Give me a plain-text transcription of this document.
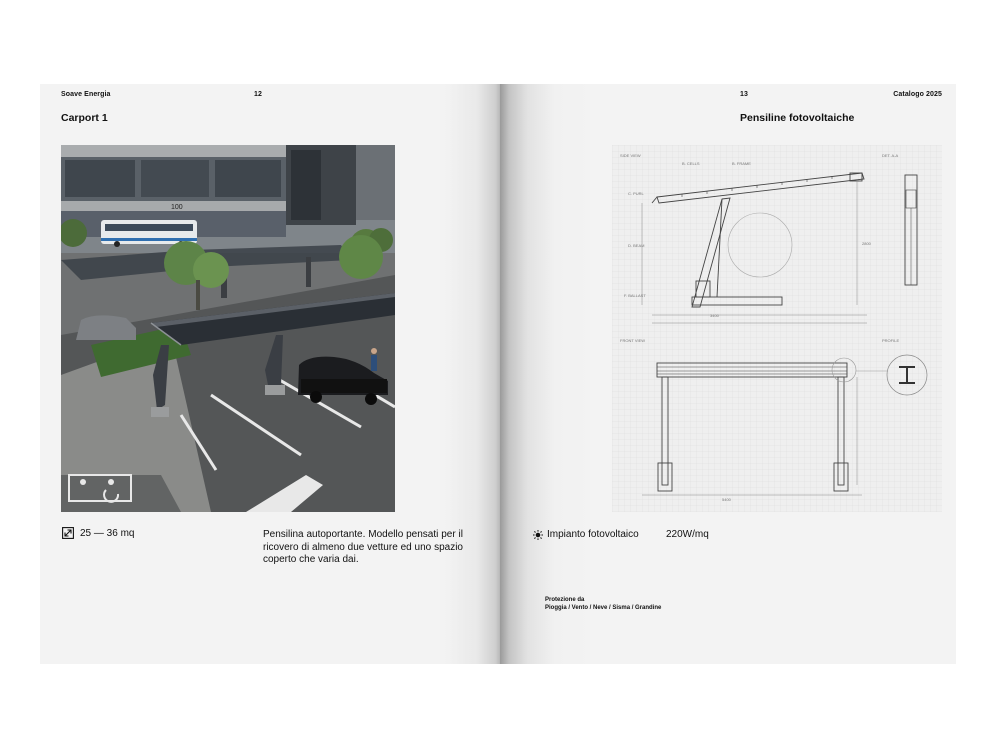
Soave Energia	12
Carport 1
100
25 — 36 mq	Pensilina autoportante. Modello pensati per il ricovero di almeno due vetture ed uno spazio coperto che varia dai.
13	Catalogo 2025
Pensiline fotovoltaiche
SIDE VIEW	DET. A-A
FRONT VIEW	PROFILE
B. CELLS	B. FRAME
C. PURL
D. BEAM
F. BALLAST
3400
5400
2800
Impianto fotovoltaico	220W/mq
Protezione da
Pioggia / Vento / Neve / Sisma / Grandine
